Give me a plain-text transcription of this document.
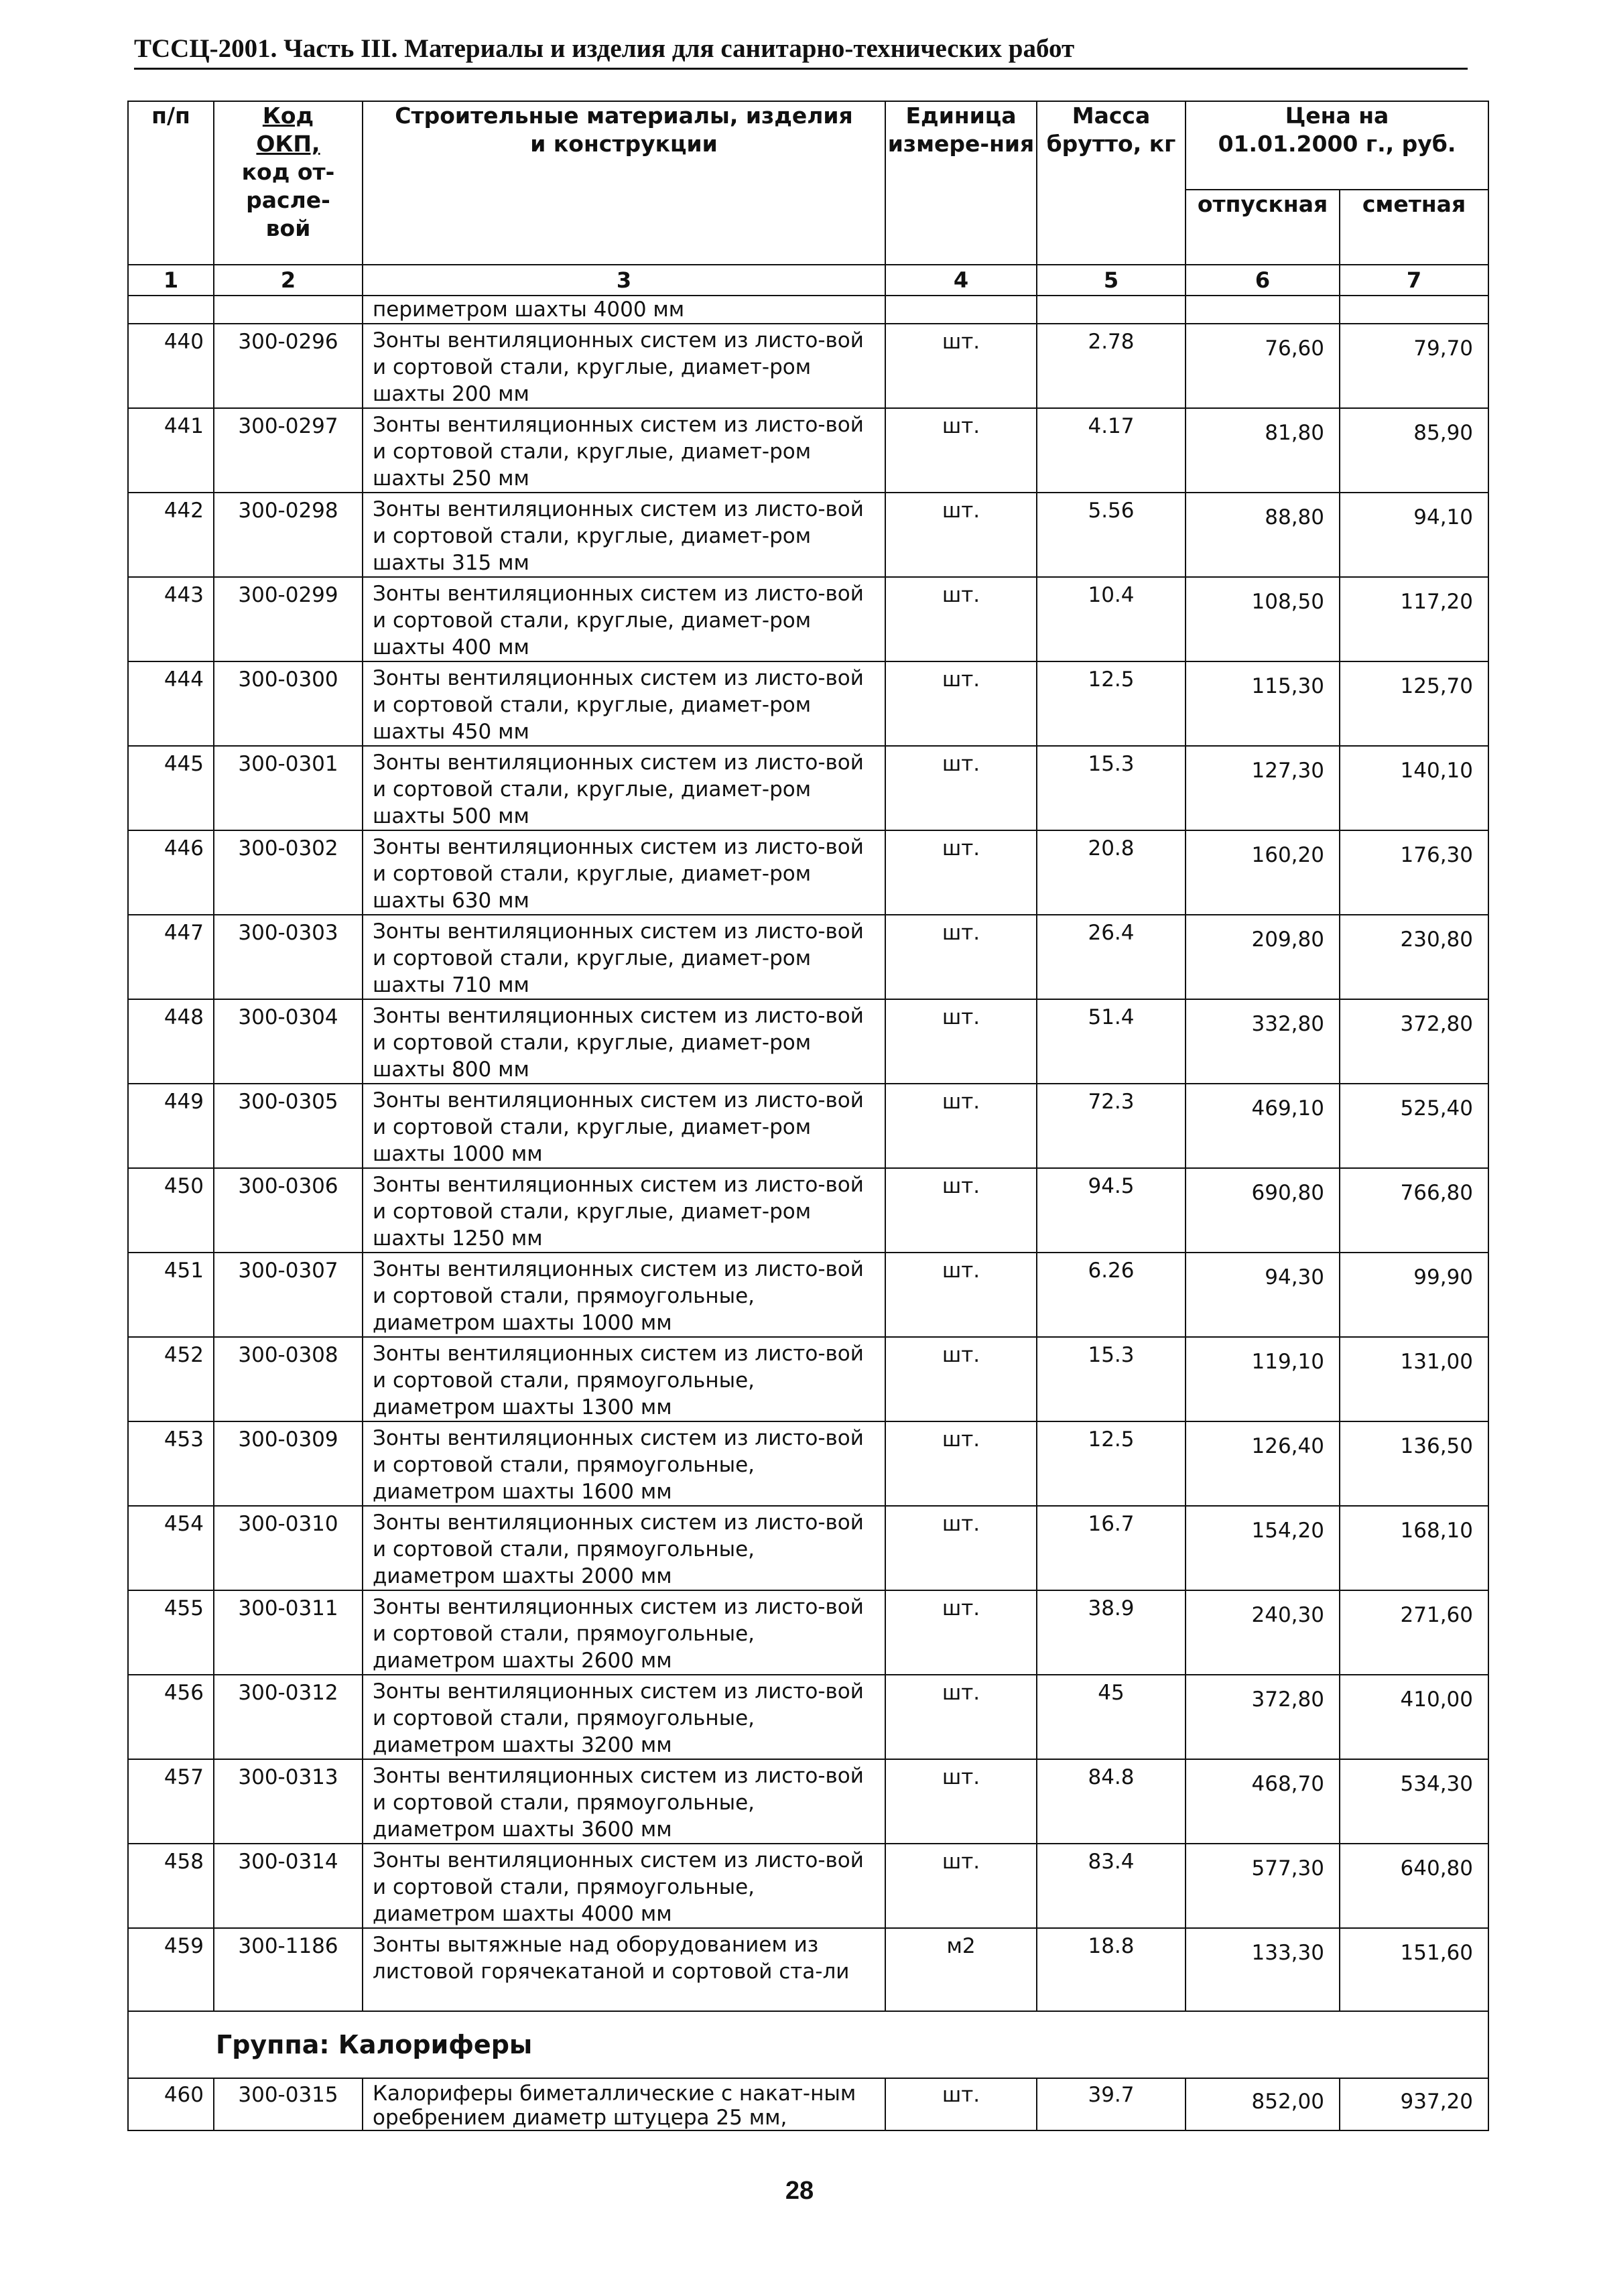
ТССЦ-2001. Часть III. Материалы и изделия для санитарно-технических работ
п/п	Код
ОКП,
код от-
расле-
вой	Строительные материалы, изделия и конструкции	Единица измере-ния	Масса брутто, кг	Цена на 01.01.2000 г., руб.	
					отпускная	сметная
1	2	3	4	5	6	7
		периметром шахты 4000 мм				
440	300-0296	Зонты вентиляционных систем из листо-вой и сортовой стали, круглые, диамет-ром шахты 200 мм	шт.	2.78	76,60	79,70
441	300-0297	Зонты вентиляционных систем из листо-вой и сортовой стали, круглые, диамет-ром шахты 250 мм	шт.	4.17	81,80	85,90
442	300-0298	Зонты вентиляционных систем из листо-вой и сортовой стали, круглые, диамет-ром шахты 315 мм	шт.	5.56	88,80	94,10
443	300-0299	Зонты вентиляционных систем из листо-вой и сортовой стали, круглые, диамет-ром шахты 400 мм	шт.	10.4	108,50	117,20
444	300-0300	Зонты вентиляционных систем из листо-вой и сортовой стали, круглые, диамет-ром шахты 450 мм	шт.	12.5	115,30	125,70
445	300-0301	Зонты вентиляционных систем из листо-вой и сортовой стали, круглые, диамет-ром шахты 500 мм	шт.	15.3	127,30	140,10
446	300-0302	Зонты вентиляционных систем из листо-вой и сортовой стали, круглые, диамет-ром шахты 630 мм	шт.	20.8	160,20	176,30
447	300-0303	Зонты вентиляционных систем из листо-вой и сортовой стали, круглые, диамет-ром шахты 710 мм	шт.	26.4	209,80	230,80
448	300-0304	Зонты вентиляционных систем из листо-вой и сортовой стали, круглые, диамет-ром шахты 800 мм	шт.	51.4	332,80	372,80
449	300-0305	Зонты вентиляционных систем из листо-вой и сортовой стали, круглые, диамет-ром шахты 1000 мм	шт.	72.3	469,10	525,40
450	300-0306	Зонты вентиляционных систем из листо-вой и сортовой стали, круглые, диамет-ром шахты 1250 мм	шт.	94.5	690,80	766,80
451	300-0307	Зонты вентиляционных систем из листо-вой и сортовой стали, прямоугольные, диаметром шахты 1000 мм	шт.	6.26	94,30	99,90
452	300-0308	Зонты вентиляционных систем из листо-вой и сортовой стали, прямоугольные, диаметром шахты 1300 мм	шт.	15.3	119,10	131,00
453	300-0309	Зонты вентиляционных систем из листо-вой и сортовой стали, прямоугольные, диаметром шахты 1600 мм	шт.	12.5	126,40	136,50
454	300-0310	Зонты вентиляционных систем из листо-вой и сортовой стали, прямоугольные, диаметром шахты 2000 мм	шт.	16.7	154,20	168,10
455	300-0311	Зонты вентиляционных систем из листо-вой и сортовой стали, прямоугольные, диаметром шахты 2600 мм	шт.	38.9	240,30	271,60
456	300-0312	Зонты вентиляционных систем из листо-вой и сортовой стали, прямоугольные, диаметром шахты 3200 мм	шт.	45	372,80	410,00
457	300-0313	Зонты вентиляционных систем из листо-вой и сортовой стали, прямоугольные, диаметром шахты 3600 мм	шт.	84.8	468,70	534,30
458	300-0314	Зонты вентиляционных систем из листо-вой и сортовой стали, прямоугольные, диаметром шахты 4000 мм	шт.	83.4	577,30	640,80
459	300-1186	Зонты вытяжные над оборудованием из листовой горячекатаной и сортовой ста-ли	м2	18.8	133,30	151,60
Группа: Калориферы						
460	300-0315	Калориферы биметаллические с накат-ным оребрением диаметр штуцера 25 мм,	шт.	39.7	852,00	937,20
28
